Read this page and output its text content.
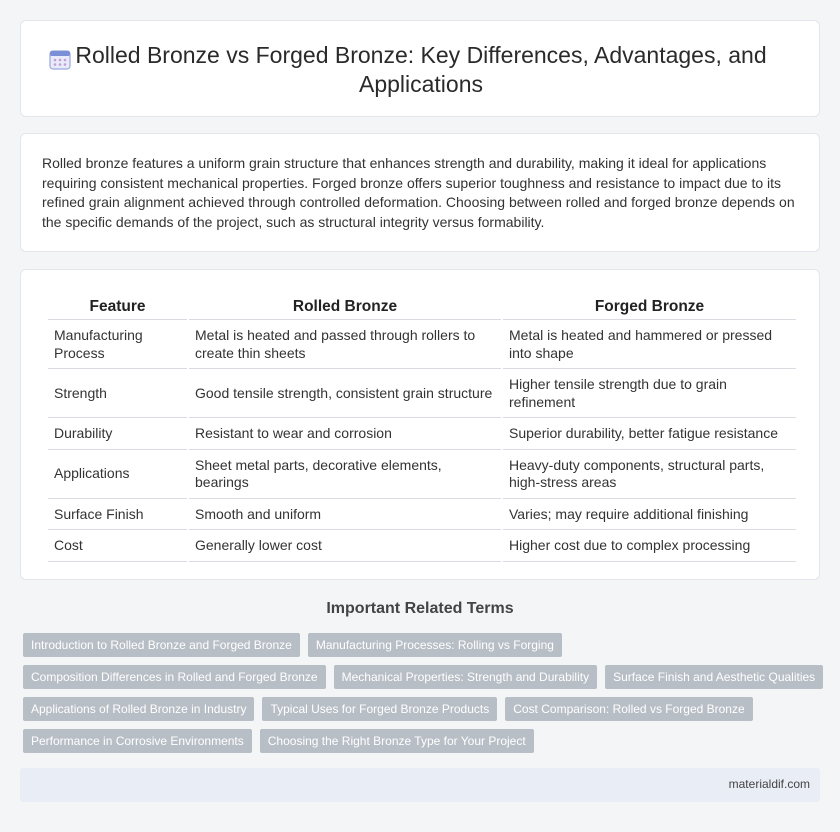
Rolled Bronze vs Forged Bronze: Key Differences, Advantages, and Applications

Rolled bronze features a uniform grain structure that enhances strength and durability, making it ideal for applications requiring consistent mechanical properties. Forged bronze offers superior toughness and resistance to impact due to its refined grain alignment achieved through controlled deformation. Choosing between rolled and forged bronze depends on the specific demands of the project, such as structural integrity versus formability.

Feature	Rolled Bronze	Forged Bronze
Manufacturing Process	Metal is heated and passed through rollers to create thin sheets	Metal is heated and hammered or pressed into shape
Strength	Good tensile strength, consistent grain structure	Higher tensile strength due to grain refinement
Durability	Resistant to wear and corrosion	Superior durability, better fatigue resistance
Applications	Sheet metal parts, decorative elements, bearings	Heavy-duty components, structural parts, high-stress areas
Surface Finish	Smooth and uniform	Varies; may require additional finishing
Cost	Generally lower cost	Higher cost due to complex processing
Important Related Terms
Introduction to Rolled Bronze and Forged Bronze	Manufacturing Processes: Rolling vs Forging
Composition Differences in Rolled and Forged Bronze	Mechanical Properties: Strength and Durability	Surface Finish and Aesthetic Qualities
Applications of Rolled Bronze in Industry	Typical Uses for Forged Bronze Products	Cost Comparison: Rolled vs Forged Bronze
Performance in Corrosive Environments	Choosing the Right Bronze Type for Your Project
materialdif.com
